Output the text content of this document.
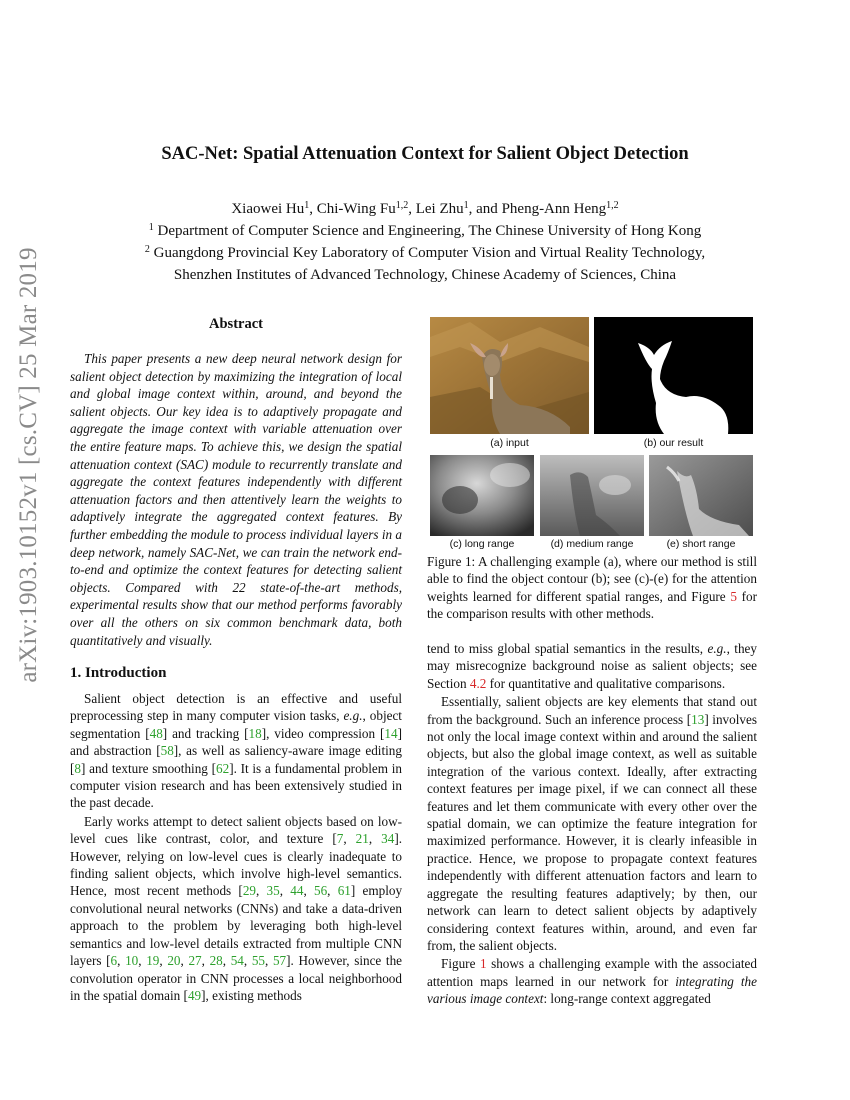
arXiv:1903.10152v1 [cs.CV] 25 Mar 2019
SAC-Net: Spatial Attenuation Context for Salient Object Detection
Xiaowei Hu$^1$, Chi-Wing Fu$^{1,2}$, Lei Zhu$^1$, and Pheng-Ann Heng$^{1,2}$
$^1$ Department of Computer Science and Engineering, The Chinese University of Hong Kong
$^2$ Guangdong Provincial Key Laboratory of Computer Vision and Virtual Reality Technology,
Shenzhen Institutes of Advanced Technology, Chinese Academy of Sciences, China
Abstract

This paper presents a new deep neural network design for salient object detection by maximizing the integration of local and global image context within, around, and beyond the salient objects. Our key idea is to adaptively propagate and aggregate the image context with variable attenuation over the entire feature maps. To achieve this, we design the spatial attenuation context (SAC) module to recurrently translate and aggregate the context features independently with different attenuation factors and then attentively learn the weights to adaptively integrate the aggregated context features. By further embedding the module to process individual layers in a deep network, namely SAC-Net, we can train the network end-to-end and optimize the context features for detecting salient objects. Compared with 22 state-of-the-art methods, experimental results show that our method performs favorably over all the others on six common benchmark data, both quantitatively and visually.

1. Introduction

Salient object detection is an effective and useful preprocessing step in many computer vision tasks, e.g., object segmentation [48] and tracking [18], video compression [14] and abstraction [58], as well as saliency-aware image editing [8] and texture smoothing [62]. It is a fundamental problem in computer vision research and has been extensively studied in the past decade.

Early works attempt to detect salient objects based on low-level cues like contrast, color, and texture [7, 21, 34]. However, relying on low-level cues is clearly inadequate to finding salient objects, which involve high-level semantics. Hence, most recent methods [29, 35, 44, 56, 61] employ convolutional neural networks (CNNs) and take a data-driven approach to the problem by leveraging both high-level semantics and low-level details extracted from multiple CNN layers [6, 10, 19, 20, 27, 28, 54, 55, 57]. However, since the convolution operator in CNN processes a local neighborhood in the spatial domain [49], existing methods

(a) input	(b) our result
(c) long range	(d) medium range	(e) short range

Figure 1: A challenging example (a), where our method is still able to find the object contour (b); see (c)-(e) for the attention weights learned for different spatial ranges, and Figure 5 for the comparison results with other methods.

tend to miss global spatial semantics in the results, e.g., they may misrecognize background noise as salient objects; see Section 4.2 for quantitative and qualitative comparisons.

Essentially, salient objects are key elements that stand out from the background. Such an inference process [13] involves not only the local image context within and around the salient objects, but also the global image context, as well as suitable integration of the various context. Ideally, after extracting context features per image pixel, if we can connect all these features and let them communicate with every other over the spatial domain, we can optimize the feature integration for maximized performance. However, it is clearly infeasible in practice. Hence, we propose to propagate context features independently with different attenuation factors and learn to aggregate the resulting features adaptively; by then, our network can learn to detect salient objects by adaptively considering context features within, around, and even far from, the salient objects.

Figure 1 shows a challenging example with the associated attention maps learned in our network for integrating the various image context: long-range context aggregated
